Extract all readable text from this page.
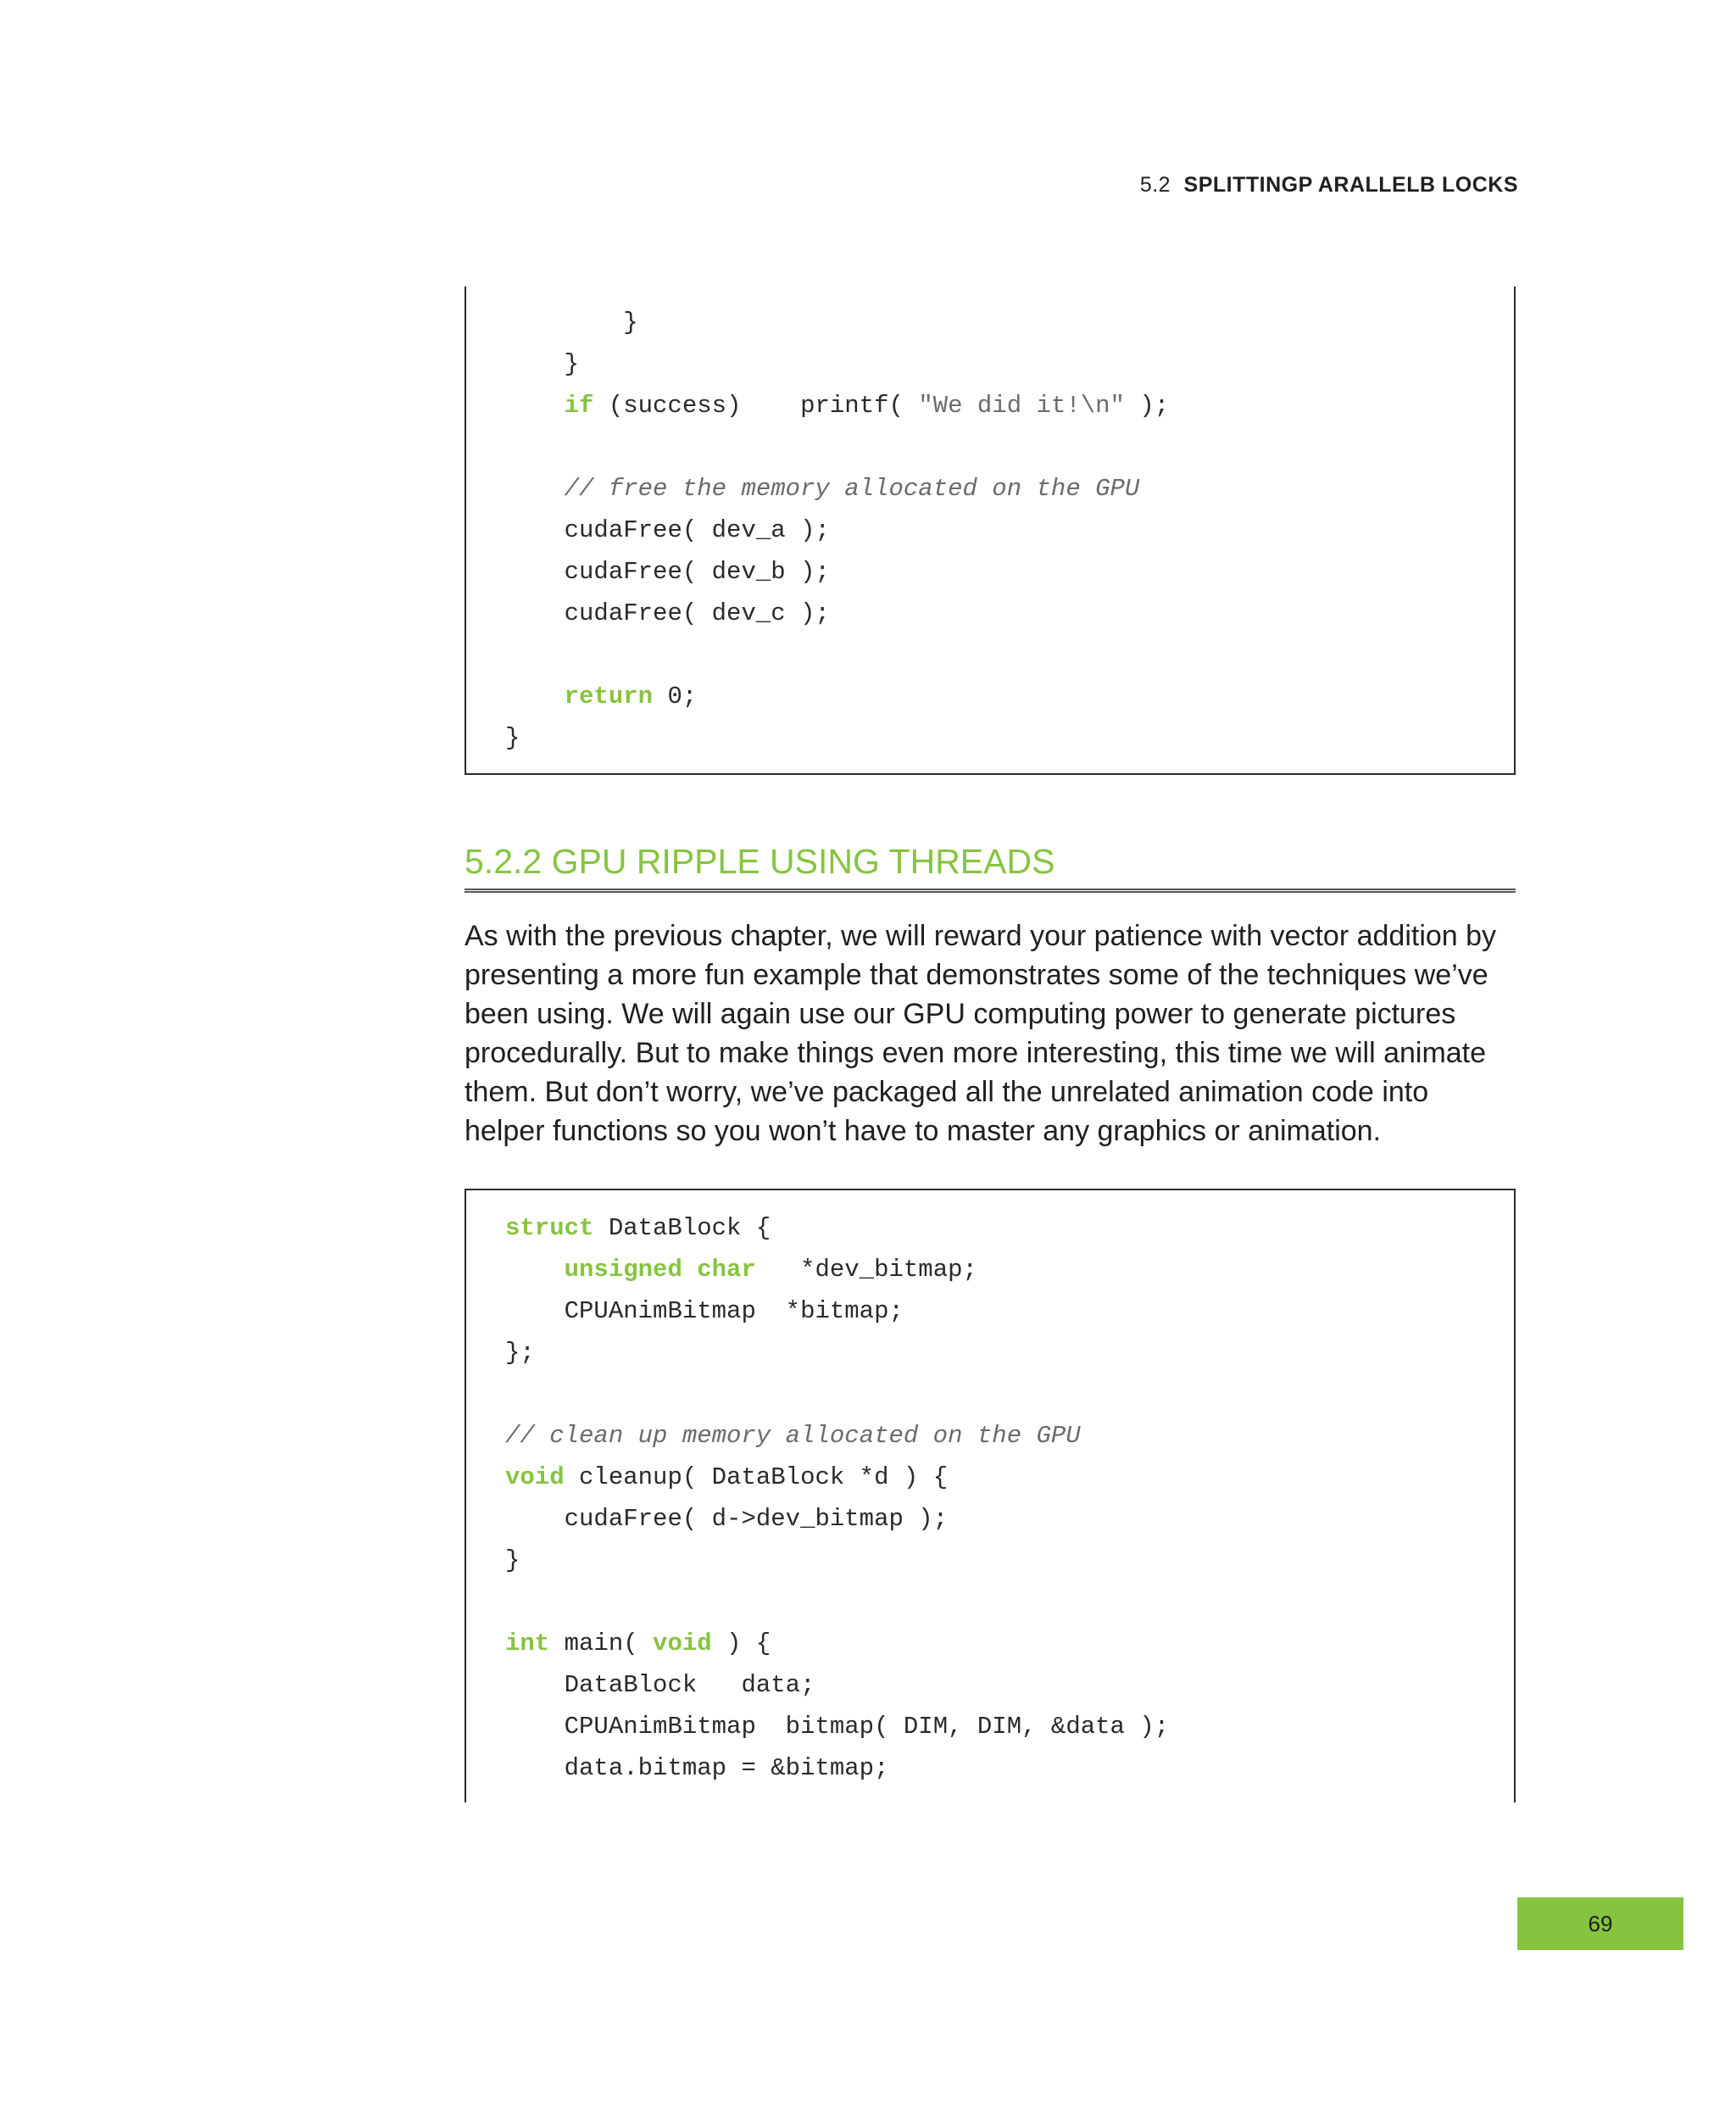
5.2 SPLITTINGP ARALLELB LOCKS
}
}
if (success)    printf( "We did it!\n" );
// free the memory allocated on the GPU
cudaFree( dev_a );
cudaFree( dev_b );
cudaFree( dev_c );
return 0;
}
5.2.2 GPU RIPPLE USING THREADS
As with the previous chapter, we will reward your patience with vector addition by
presenting a more fun example that demonstrates some of the techniques we’ve
been using. We will again use our GPU computing power to generate pictures
procedurally. But to make things even more interesting, this time we will animate
them. But don’t worry, we’ve packaged all the unrelated animation code into
helper functions so you won’t have to master any graphics or animation.
struct DataBlock {
unsigned char   *dev_bitmap;
CPUAnimBitmap  *bitmap;
};
// clean up memory allocated on the GPU
void cleanup( DataBlock *d ) {
cudaFree( d->dev_bitmap );
}
int main( void ) {
DataBlock   data;
CPUAnimBitmap  bitmap( DIM, DIM, &data );
data.bitmap = &bitmap;
69
